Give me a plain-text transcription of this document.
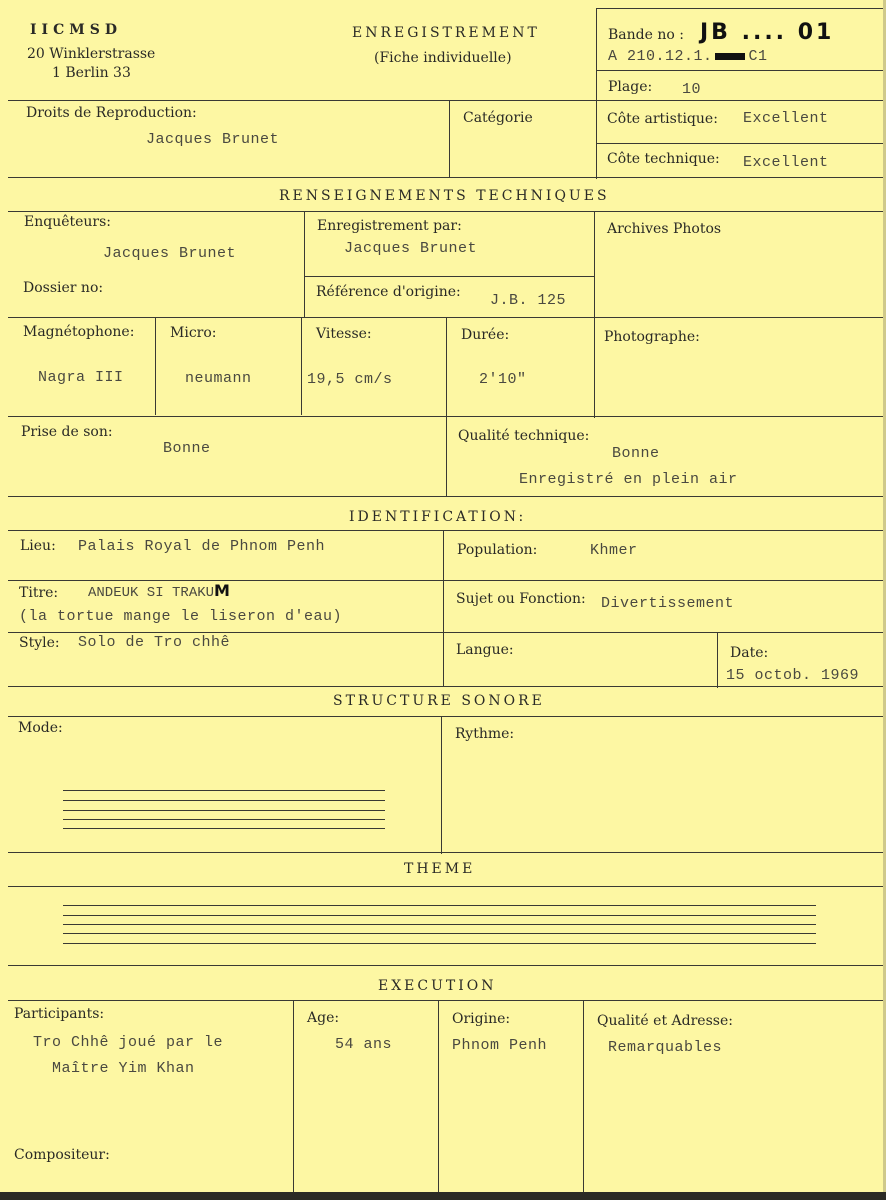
IICMSD
20 Winklerstrasse
1 Berlin 33
ENREGISTREMENT
(Fiche individuelle)
Bande no : JB .... 01
A 210.12.1. C1
Plage: 10
Droits de Reproduction:
Jacques Brunet
Catégorie	Côte artistique: Excellent
Côte technique: Excellent
RENSEIGNEMENTS TECHNIQUES
Enquêteurs:
Jacques Brunet
Enregistrement par:
Jacques Brunet
Archives Photos
Dossier no:	Référence d'origine: J.B. 125
Magnétophone:
Nagra III
Micro:
neumann
Vitesse:
19,5 cm/s
Durée:
2'10"
Photographe:
Prise de son:
Bonne
Qualité technique:
Bonne
Enregistré en plein air
IDENTIFICATION:
Lieu: Palais Royal de Phnom Penh	Population:	Khmer
Titre: ANDEUK SI TRAKUM
(la tortue mange le liseron d'eau)
Sujet ou Fonction: Divertissement
Style: Solo de Tro chhê	Langue:	Date:
15 octob. 1969
STRUCTURE SONORE
Mode:	Rythme:
THEME
EXECUTION
Participants:
Tro Chhê joué par le
Maître Yim Khan
Age:
54 ans
Origine:
Phnom Penh
Qualité et Adresse:
Remarquables
Compositeur:
